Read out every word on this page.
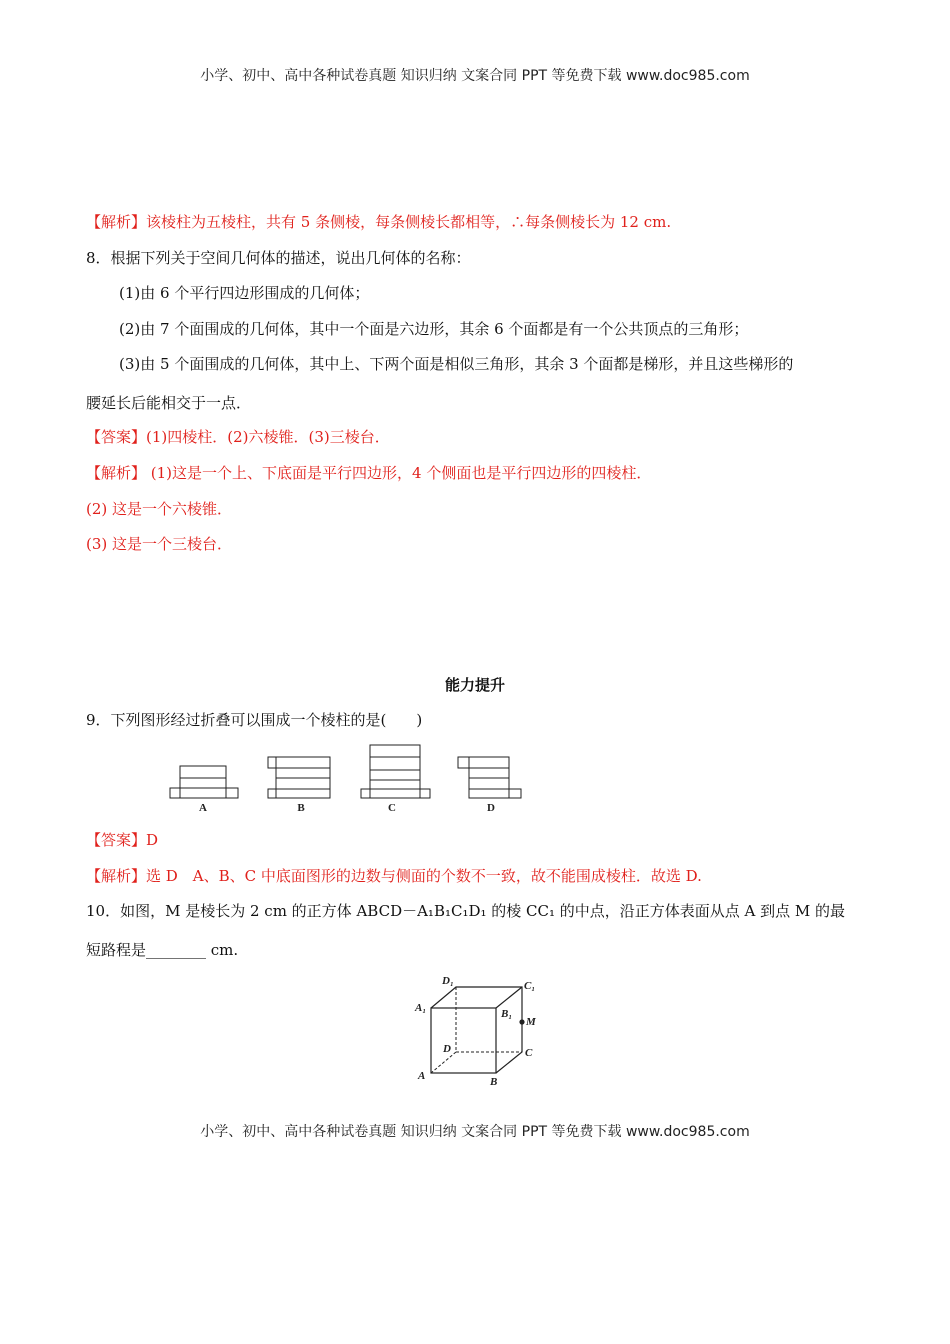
小学、初中、高中各种试卷真题 知识归纳 文案合同 PPT 等免费下载 www.doc985.com
【解析】该棱柱为五棱柱，共有 5 条侧棱，每条侧棱长都相等，∴每条侧棱长为 12 cm.
8．根据下列关于空间几何体的描述，说出几何体的名称：
(1)由 6 个平行四边形围成的几何体；
(2)由 7 个面围成的几何体，其中一个面是六边形，其余 6 个面都是有一个公共顶点的三角形；
(3)由 5 个面围成的几何体，其中上、下两个面是相似三角形，其余 3 个面都是梯形，并且这些梯形的
腰延长后能相交于一点．
【答案】(1)四棱柱．(2)六棱锥．(3)三棱台．
【解析】 (1)这是一个上、下底面是平行四边形，4 个侧面也是平行四边形的四棱柱．
(2) 这是一个六棱锥．
(3) 这是一个三棱台．
能力提升
9．下列图形经过折叠可以围成一个棱柱的是(　　)
A	B	C	D
A	B
C
D
A₁	B₁
C₁
D₁
M
【答案】D
【解析】选 D　A、B、C 中底面图形的边数与侧面的个数不一致，故不能围成棱柱．故选 D.
10．如图，M 是棱长为 2 cm 的正方体 ABCD－A₁B₁C₁D₁ 的棱 CC₁ 的中点，沿正方体表面从点 A 到点 M 的最
短路程是________ cm.
小学、初中、高中各种试卷真题 知识归纳 文案合同 PPT 等免费下载 www.doc985.com
